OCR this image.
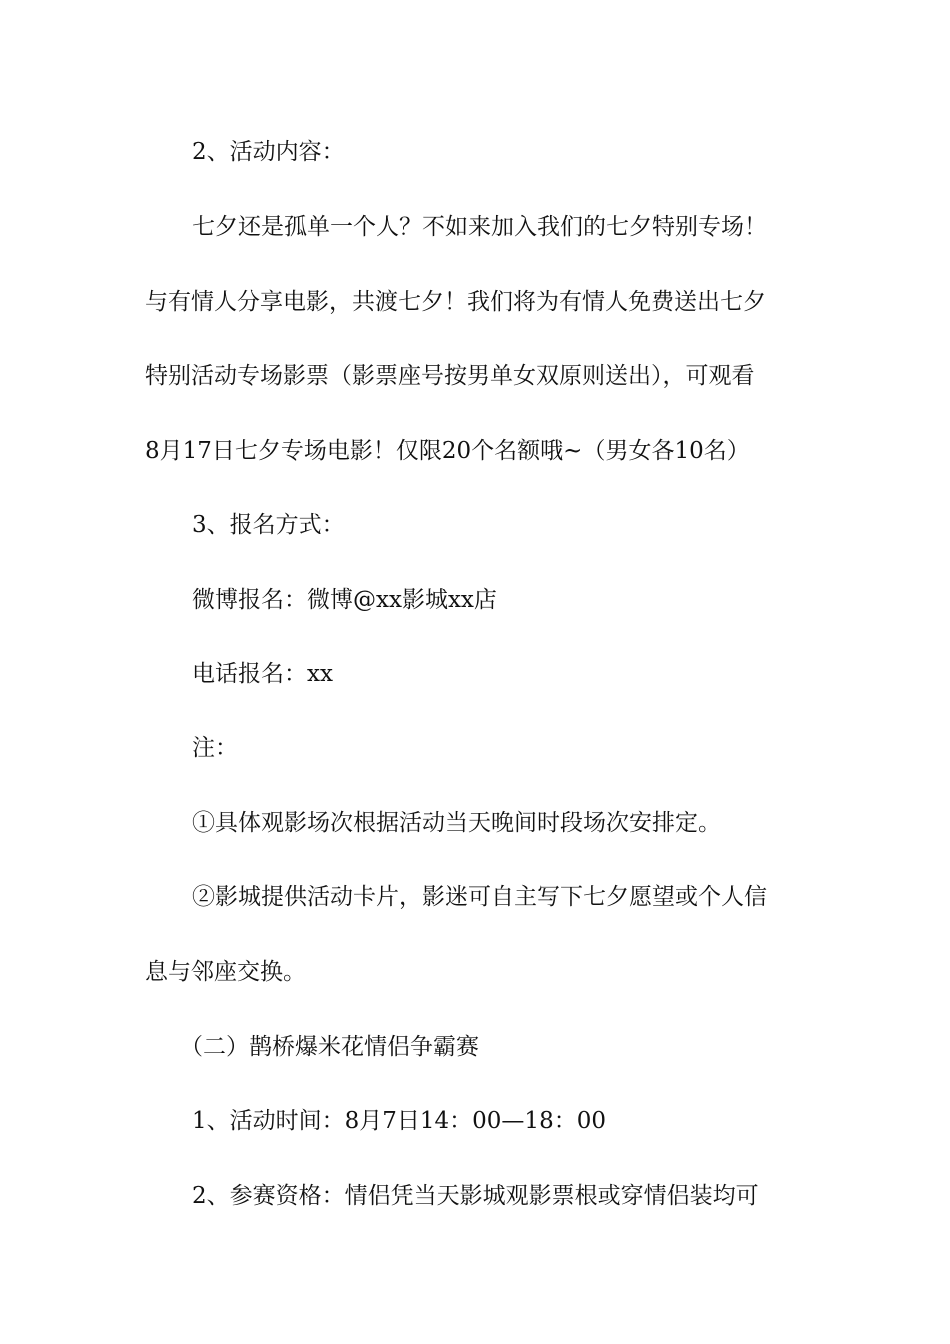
2、活动内容：
七夕还是孤单一个人？不如来加入我们的七夕特别专场！
与有情人分享电影，共渡七夕！我们将为有情人免费送出七夕
特别活动专场影票（影票座号按男单女双原则送出），可观看
8月17日七夕专场电影！仅限20个名额哦~（男女各10名）
3、报名方式：
微博报名：微博@xx影城xx店
电话报名：xx
注：
①具体观影场次根据活动当天晚间时段场次安排定。
②影城提供活动卡片，影迷可自主写下七夕愿望或个人信
息与邻座交换。
（二）鹊桥爆米花情侣争霸赛
1、活动时间：8月7日14：00—18：00
2、参赛资格：情侣凭当天影城观影票根或穿情侣装均可
